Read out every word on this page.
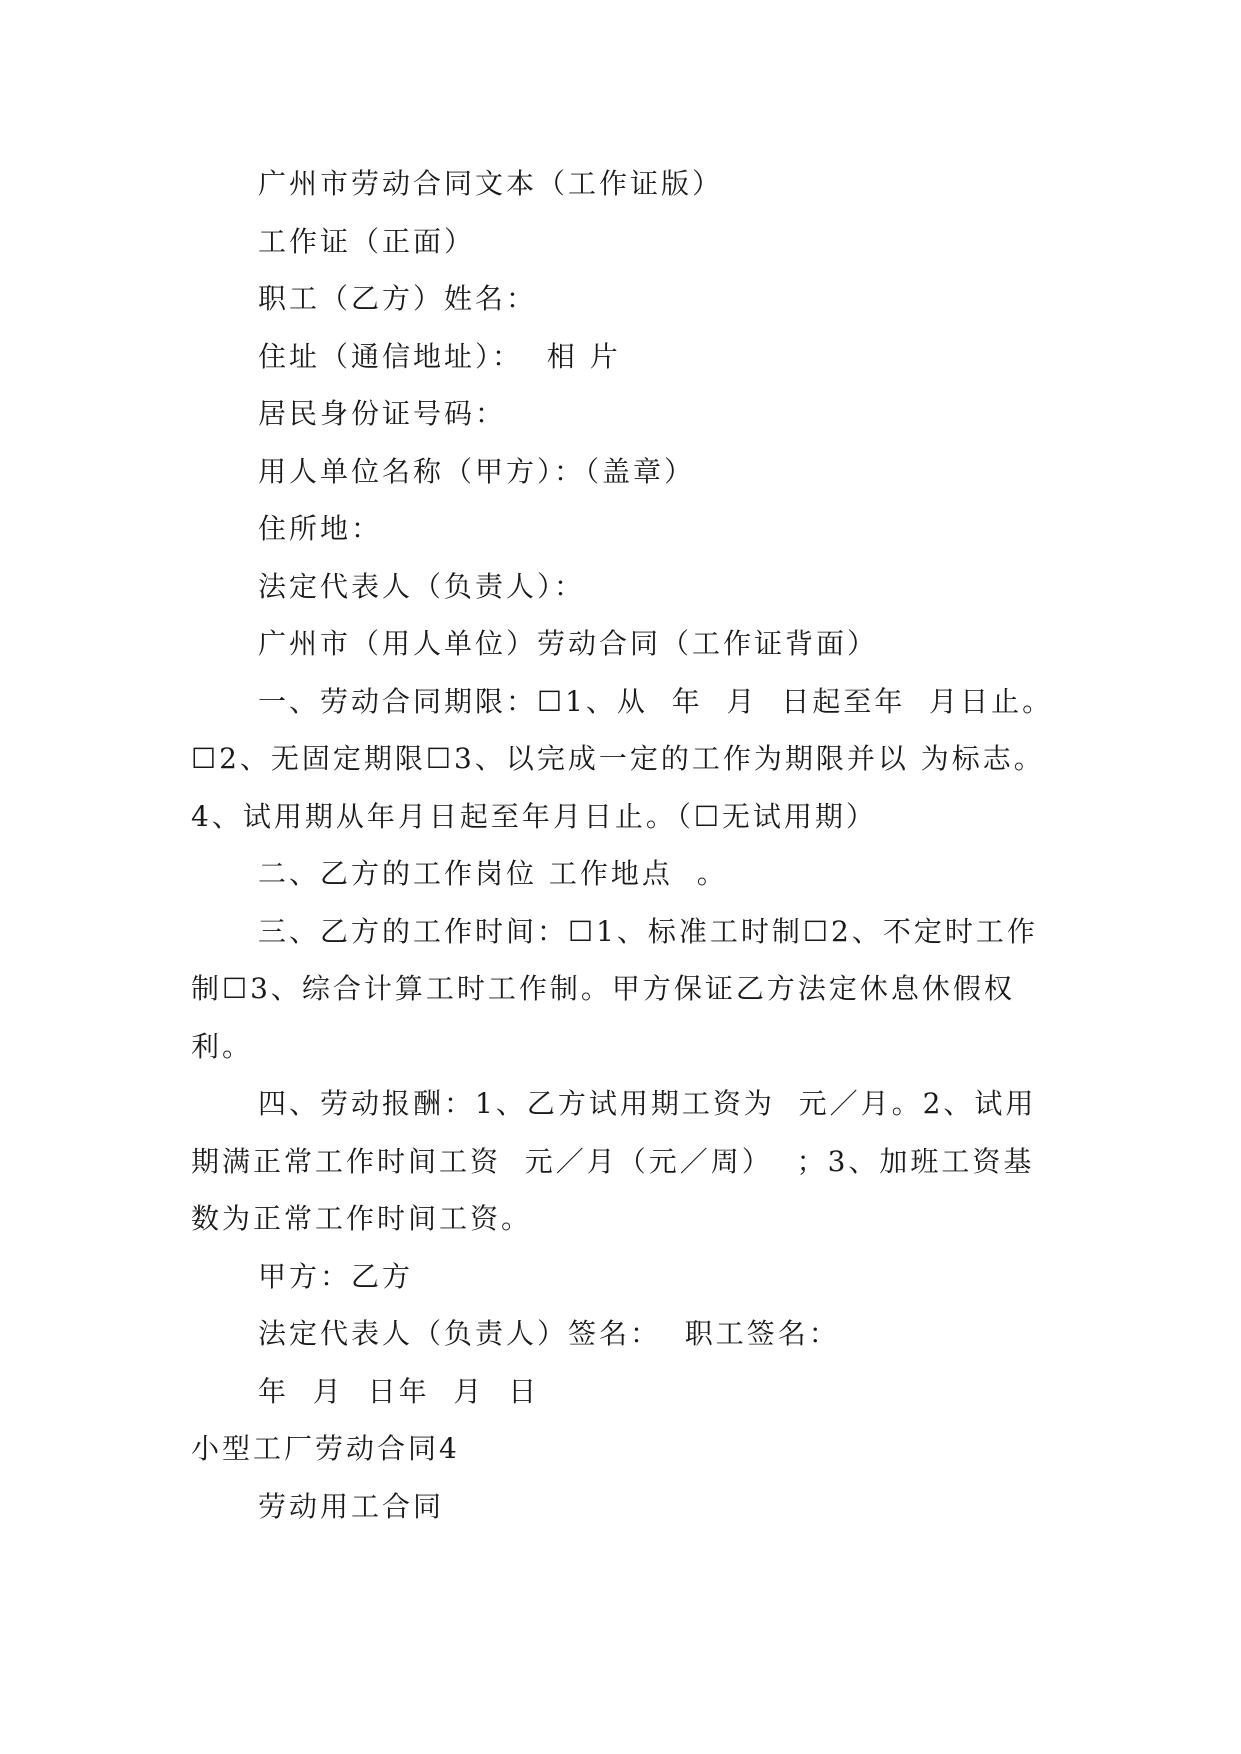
广州市劳动合同文本（工作证版）

工作证（正面）

职工（乙方）姓名：

住址（通信地址）：  相 片

居民身份证号码：

用人单位名称（甲方）：（盖章）

住所地：

法定代表人（负责人）：

广州市（用人单位）劳动合同（工作证背面）

一、劳动合同期限：☐1、从  年  月  日起至年  月日止。☐2、无固定期限☐3、以完成一定的工作为期限并以 为标志。4、试用期从年月日起至年月日止。（☐无试用期）

二、乙方的工作岗位 工作地点  。

三、乙方的工作时间：☐1、标准工时制☐2、不定时工作制☐3、综合计算工时工作制。甲方保证乙方法定休息休假权利。

四、劳动报酬：1、乙方试用期工资为  元／月。2、试用 期满正常工作时间工资  元／月（元／周）  ；3、加班工资基数为正常工作时间工资。

甲方：乙方

法定代表人（负责人）签名：  职工签名：

年  月  日年  月  日

小型工厂劳动合同4

劳动用工合同
